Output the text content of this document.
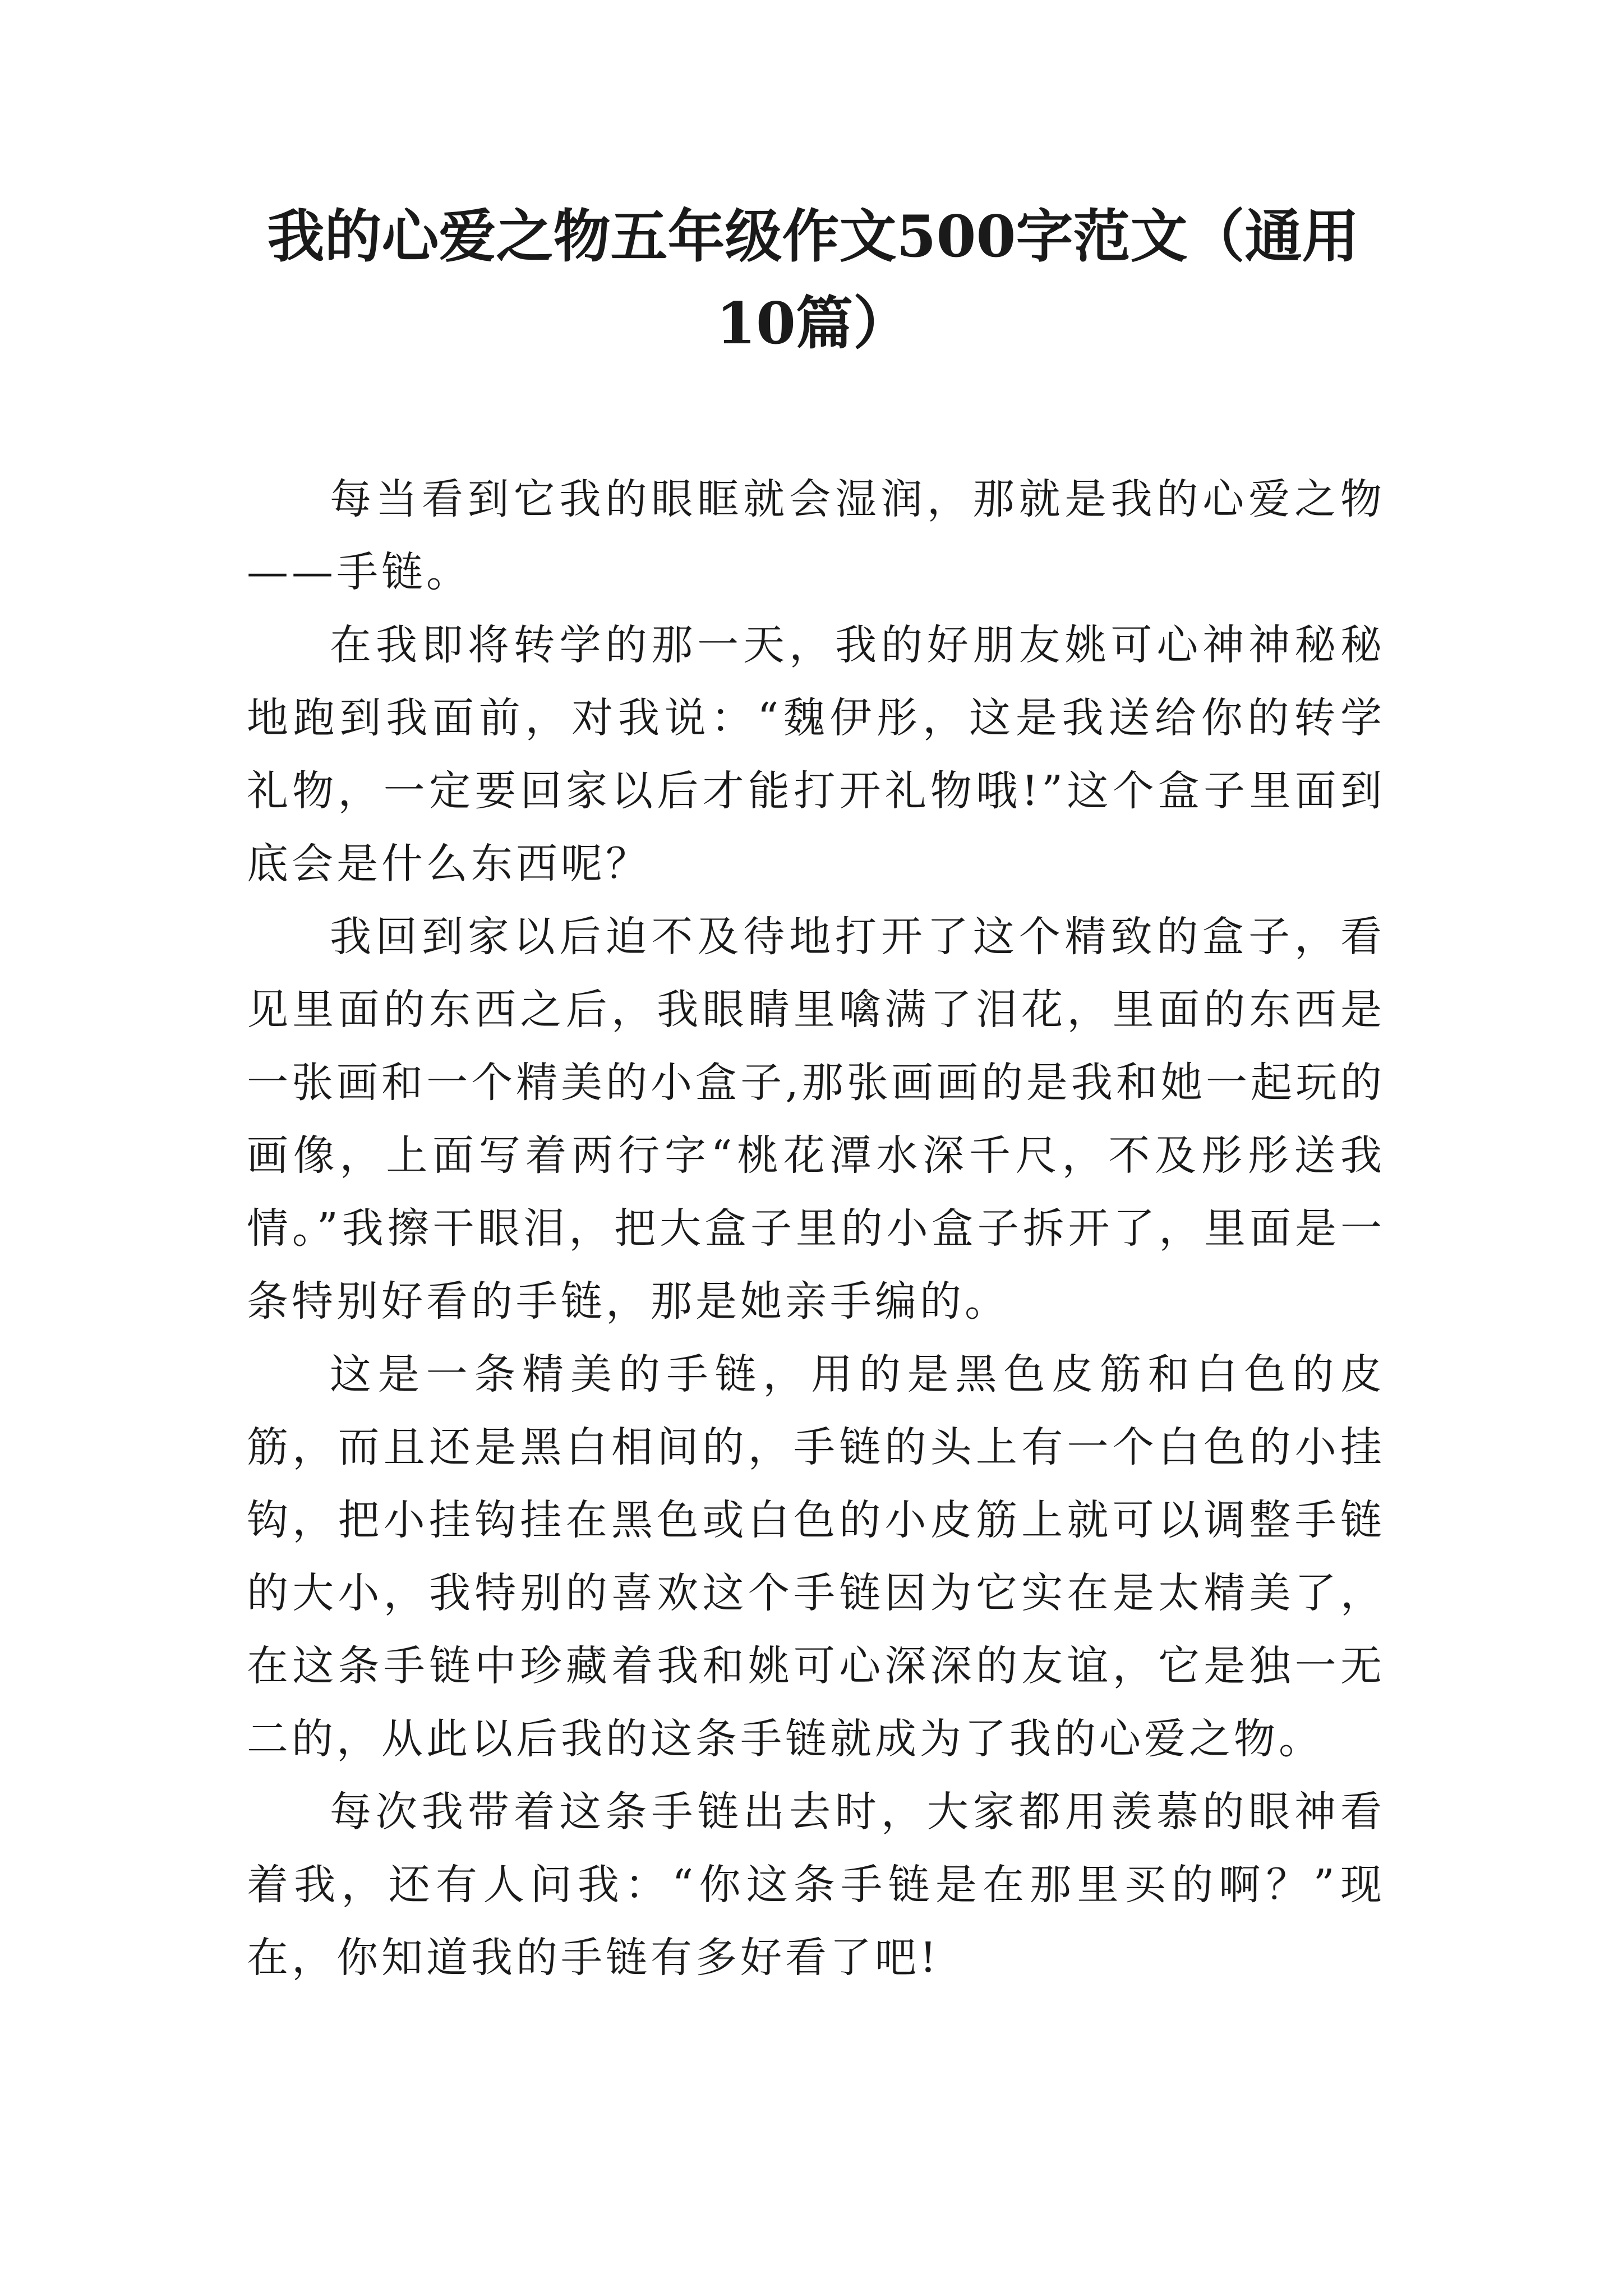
我的心爱之物五年级作文500字范文（通用10篇）

每当看到它我的眼眶就会湿润，那就是我的心爱之物——手链。

在我即将转学的那一天，我的好朋友姚可心神神秘秘地跑到我面前，对我说：“魏伊彤，这是我送给你的转学礼物，一定要回家以后才能打开礼物哦!”这个盒子里面到底会是什么东西呢？

我回到家以后迫不及待地打开了这个精致的盒子，看见里面的东西之后，我眼睛里噙满了泪花，里面的东西是一张画和一个精美的小盒子,那张画画的是我和她一起玩的画像，上面写着两行字“桃花潭水深千尺，不及彤彤送我情。”我擦干眼泪，把大盒子里的小盒子拆开了，里面是一条特别好看的手链，那是她亲手编的。

这是一条精美的手链，用的是黑色皮筋和白色的皮筋，而且还是黑白相间的，手链的头上有一个白色的小挂钩，把小挂钩挂在黑色或白色的小皮筋上就可以调整手链的大小，我特别的喜欢这个手链因为它实在是太精美了，在这条手链中珍藏着我和姚可心深深的友谊，它是独一无二的，从此以后我的这条手链就成为了我的心爱之物。

每次我带着这条手链出去时，大家都用羡慕的眼神看着我，还有人问我：“你这条手链是在那里买的啊？”现在，你知道我的手链有多好看了吧!
